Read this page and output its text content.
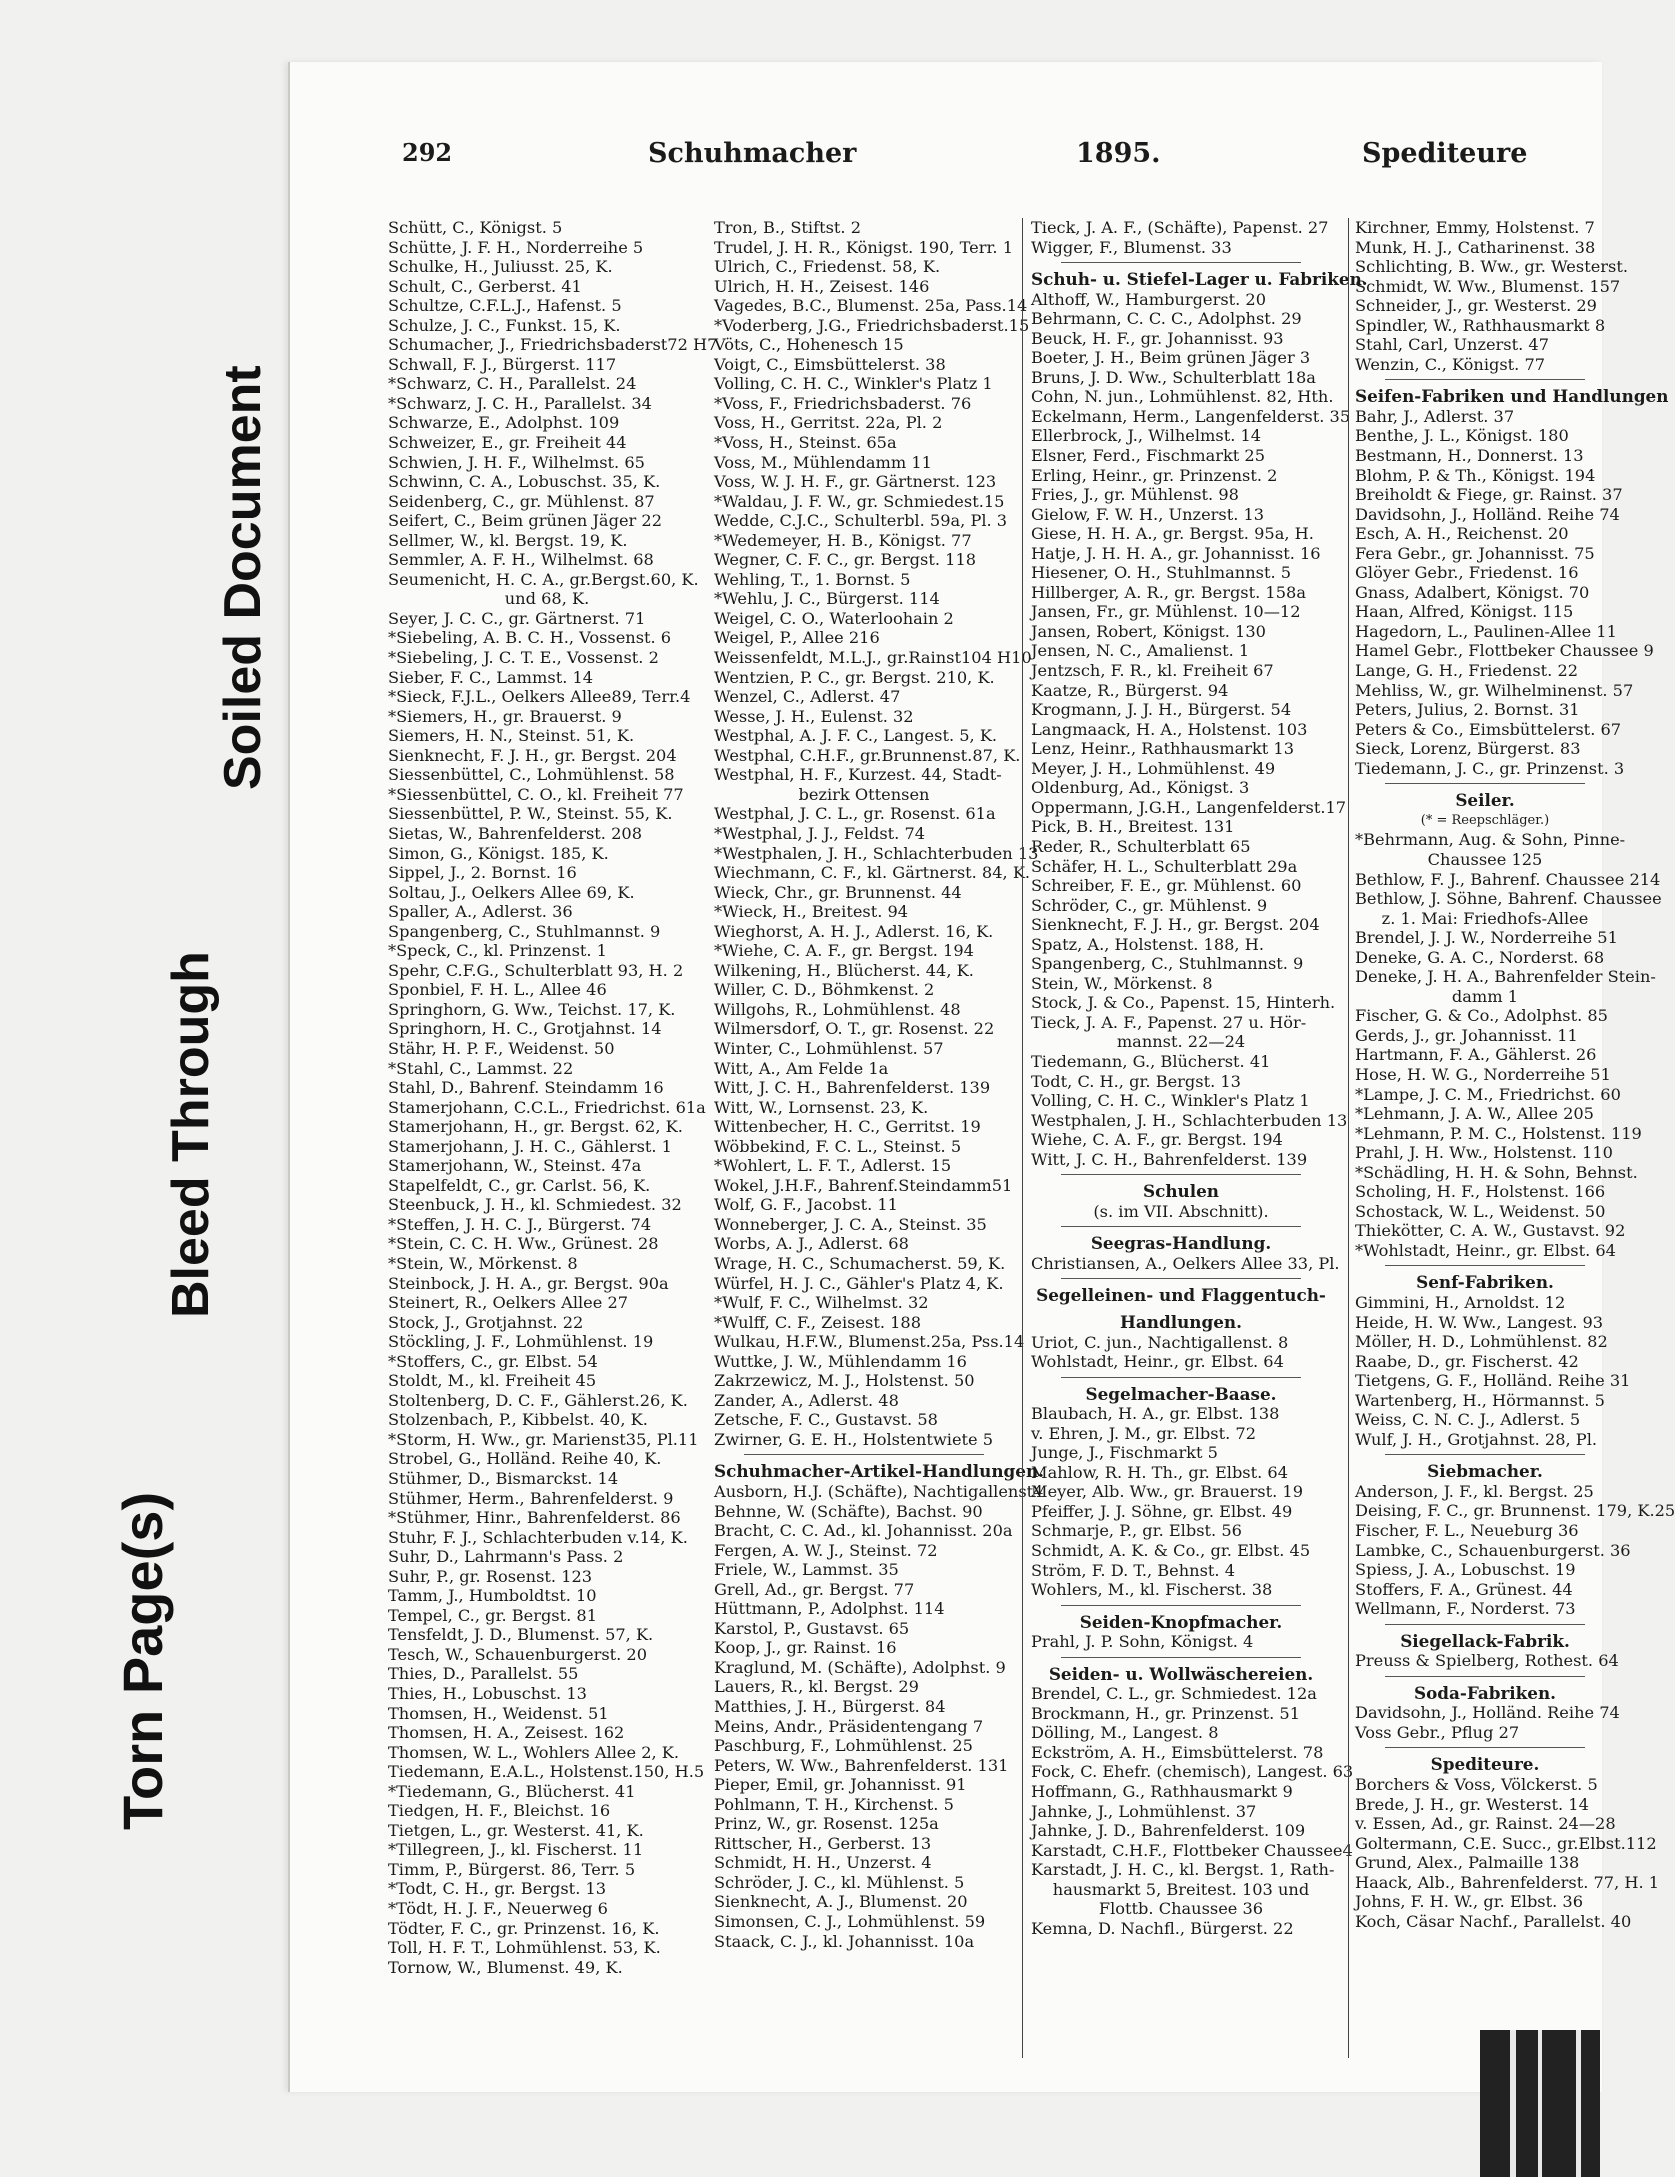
Torn Page(s)
Bleed Through
Soiled Document
292	Schuhmacher	1895.	Spediteure
Schütt, C., Königst. 5
Schütte, J. F. H., Norderreihe 5
Schulke, H., Juliusst. 25, K.
Schult, C., Gerberst. 41
Schultze, C.F.L.J., Hafenst. 5
Schulze, J. C., Funkst. 15, K.
Schumacher, J., Friedrichsbaderst72 H7
Schwall, F. J., Bürgerst. 117
*Schwarz, C. H., Parallelst. 24
*Schwarz, J. C. H., Parallelst. 34
Schwarze, E., Adolphst. 109
Schweizer, E., gr. Freiheit 44
Schwien, J. H. F., Wilhelmst. 65
Schwinn, C. A., Lobuschst. 35, K.
Seidenberg, C., gr. Mühlenst. 87
Seifert, C., Beim grünen Jäger 22
Sellmer, W., kl. Bergst. 19, K.
Semmler, A. F. H., Wilhelmst. 68
Seumenicht, H. C. A., gr.Bergst.60, K.
und 68, K.
Seyer, J. C. C., gr. Gärtnerst. 71
*Siebeling, A. B. C. H., Vossenst. 6
*Siebeling, J. C. T. E., Vossenst. 2
Sieber, F. C., Lammst. 14
*Sieck, F.J.L., Oelkers Allee89, Terr.4
*Siemers, H., gr. Brauerst. 9
Siemers, H. N., Steinst. 51, K.
Sienknecht, F. J. H., gr. Bergst. 204
Siessenbüttel, C., Lohmühlenst. 58
*Siessenbüttel, C. O., kl. Freiheit 77
Siessenbüttel, P. W., Steinst. 55, K.
Sietas, W., Bahrenfelderst. 208
Simon, G., Königst. 185, K.
Sippel, J., 2. Bornst. 16
Soltau, J., Oelkers Allee 69, K.
Spaller, A., Adlerst. 36
Spangenberg, C., Stuhlmannst. 9
*Speck, C., kl. Prinzenst. 1
Spehr, C.F.G., Schulterblatt 93, H. 2
Sponbiel, F. H. L., Allee 46
Springhorn, G. Ww., Teichst. 17, K.
Springhorn, H. C., Grotjahnst. 14
Stähr, H. P. F., Weidenst. 50
*Stahl, C., Lammst. 22
Stahl, D., Bahrenf. Steindamm 16
Stamerjohann, C.C.L., Friedrichst. 61a
Stamerjohann, H., gr. Bergst. 62, K.
Stamerjohann, J. H. C., Gählerst. 1
Stamerjohann, W., Steinst. 47a
Stapelfeldt, C., gr. Carlst. 56, K.
Steenbuck, J. H., kl. Schmiedest. 32
*Steffen, J. H. C. J., Bürgerst. 74
*Stein, C. C. H. Ww., Grünest. 28
*Stein, W., Mörkenst. 8
Steinbock, J. H. A., gr. Bergst. 90a
Steinert, R., Oelkers Allee 27
Stock, J., Grotjahnst. 22
Stöckling, J. F., Lohmühlenst. 19
*Stoffers, C., gr. Elbst. 54
Stoldt, M., kl. Freiheit 45
Stoltenberg, D. C. F., Gählerst.26, K.
Stolzenbach, P., Kibbelst. 40, K.
*Storm, H. Ww., gr. Marienst35, Pl.11
Strobel, G., Holländ. Reihe 40, K.
Stühmer, D., Bismarckst. 14
Stühmer, Herm., Bahrenfelderst. 9
*Stühmer, Hinr., Bahrenfelderst. 86
Stuhr, F. J., Schlachterbuden v.14, K.
Suhr, D., Lahrmann's Pass. 2
Suhr, P., gr. Rosenst. 123
Tamm, J., Humboldtst. 10
Tempel, C., gr. Bergst. 81
Tensfeldt, J. D., Blumenst. 57, K.
Tesch, W., Schauenburgerst. 20
Thies, D., Parallelst. 55
Thies, H., Lobuschst. 13
Thomsen, H., Weidenst. 51
Thomsen, H. A., Zeisest. 162
Thomsen, W. L., Wohlers Allee 2, K.
Tiedemann, E.A.L., Holstenst.150, H.5
*Tiedemann, G., Blücherst. 41
Tiedgen, H. F., Bleichst. 16
Tietgen, L., gr. Westerst. 41, K.
*Tillegreen, J., kl. Fischerst. 11
Timm, P., Bürgerst. 86, Terr. 5
*Todt, C. H., gr. Bergst. 13
*Tödt, H. J. F., Neuerweg 6
Tödter, F. C., gr. Prinzenst. 16, K.
Toll, H. F. T., Lohmühlenst. 53, K.
Tornow, W., Blumenst. 49, K.
Tron, B., Stiftst. 2
Trudel, J. H. R., Königst. 190, Terr. 1
Ulrich, C., Friedenst. 58, K.
Ulrich, H. H., Zeisest. 146
Vagedes, B.C., Blumenst. 25a, Pass.14
*Voderberg, J.G., Friedrichsbaderst.15
Vöts, C., Hohenesch 15
Voigt, C., Eimsbüttelerst. 38
Volling, C. H. C., Winkler's Platz 1
*Voss, F., Friedrichsbaderst. 76
Voss, H., Gerritst. 22a, Pl. 2
*Voss, H., Steinst. 65a
Voss, M., Mühlendamm 11
Voss, W. J. H. F., gr. Gärtnerst. 123
*Waldau, J. F. W., gr. Schmiedest.15
Wedde, C.J.C., Schulterbl. 59a, Pl. 3
*Wedemeyer, H. B., Königst. 77
Wegner, C. F. C., gr. Bergst. 118
Wehling, T., 1. Bornst. 5
*Wehlu, J. C., Bürgerst. 114
Weigel, C. O., Waterloohain 2
Weigel, P., Allee 216
Weissenfeldt, M.L.J., gr.Rainst104 H10
Wentzien, P. C., gr. Bergst. 210, K.
Wenzel, C., Adlerst. 47
Wesse, J. H., Eulenst. 32
Westphal, A. J. F. C., Langest. 5, K.
Westphal, C.H.F., gr.Brunnenst.87, K.
Westphal, H. F., Kurzest. 44, Stadt-
bezirk Ottensen
Westphal, J. C. L., gr. Rosenst. 61a
*Westphal, J. J., Feldst. 74
*Westphalen, J. H., Schlachterbuden 13
Wiechmann, C. F., kl. Gärtnerst. 84, K.
Wieck, Chr., gr. Brunnenst. 44
*Wieck, H., Breitest. 94
Wieghorst, A. H. J., Adlerst. 16, K.
*Wiehe, C. A. F., gr. Bergst. 194
Wilkening, H., Blücherst. 44, K.
Willer, C. D., Böhmkenst. 2
Willgohs, R., Lohmühlenst. 48
Wilmersdorf, O. T., gr. Rosenst. 22
Winter, C., Lohmühlenst. 57
Witt, A., Am Felde 1a
Witt, J. C. H., Bahrenfelderst. 139
Witt, W., Lornsenst. 23, K.
Wittenbecher, H. C., Gerritst. 19
Wöbbekind, F. C. L., Steinst. 5
*Wohlert, L. F. T., Adlerst. 15
Wokel, J.H.F., Bahrenf.Steindamm51
Wolf, G. F., Jacobst. 11
Wonneberger, J. C. A., Steinst. 35
Worbs, A. J., Adlerst. 68
Wrage, H. C., Schumacherst. 59, K.
Würfel, H. J. C., Gähler's Platz 4, K.
*Wulf, F. C., Wilhelmst. 32
*Wulff, C. F., Zeisest. 188
Wulkau, H.F.W., Blumenst.25a, Pss.14
Wuttke, J. W., Mühlendamm 16
Zakrzewicz, M. J., Holstenst. 50
Zander, A., Adlerst. 48
Zetsche, F. C., Gustavst. 58
Zwirner, G. E. H., Holstentwiete 5
Schuhmacher-Artikel-Handlungen.
Ausborn, H.J. (Schäfte), Nachtigallenst4
Behnne, W. (Schäfte), Bachst. 90
Bracht, C. C. Ad., kl. Johannisst. 20a
Fergen, A. W. J., Steinst. 72
Friele, W., Lammst. 35
Grell, Ad., gr. Bergst. 77
Hüttmann, P., Adolphst. 114
Karstol, P., Gustavst. 65
Koop, J., gr. Rainst. 16
Kraglund, M. (Schäfte), Adolphst. 9
Lauers, R., kl. Bergst. 29
Matthies, J. H., Bürgerst. 84
Meins, Andr., Präsidentengang 7
Paschburg, F., Lohmühlenst. 25
Peters, W. Ww., Bahrenfelderst. 131
Pieper, Emil, gr. Johannisst. 91
Pohlmann, T. H., Kirchenst. 5
Prinz, W., gr. Rosenst. 125a
Rittscher, H., Gerberst. 13
Schmidt, H. H., Unzerst. 4
Schröder, J. C., kl. Mühlenst. 5
Sienknecht, A. J., Blumenst. 20
Simonsen, C. J., Lohmühlenst. 59
Staack, C. J., kl. Johannisst. 10a
Tieck, J. A. F., (Schäfte), Papenst. 27
Wigger, F., Blumenst. 33
Schuh- u. Stiefel-Lager u. Fabriken.
Althoff, W., Hamburgerst. 20
Behrmann, C. C. C., Adolphst. 29
Beuck, H. F., gr. Johannisst. 93
Boeter, J. H., Beim grünen Jäger 3
Bruns, J. D. Ww., Schulterblatt 18a
Cohn, N. jun., Lohmühlenst. 82, Hth.
Eckelmann, Herm., Langenfelderst. 35
Ellerbrock, J., Wilhelmst. 14
Elsner, Ferd., Fischmarkt 25
Erling, Heinr., gr. Prinzenst. 2
Fries, J., gr. Mühlenst. 98
Gielow, F. W. H., Unzerst. 13
Giese, H. H. A., gr. Bergst. 95a, H.
Hatje, J. H. H. A., gr. Johannisst. 16
Hiesener, O. H., Stuhlmannst. 5
Hillberger, A. R., gr. Bergst. 158a
Jansen, Fr., gr. Mühlenst. 10—12
Jansen, Robert, Königst. 130
Jensen, N. C., Amalienst. 1
Jentzsch, F. R., kl. Freiheit 67
Kaatze, R., Bürgerst. 94
Krogmann, J. J. H., Bürgerst. 54
Langmaack, H. A., Holstenst. 103
Lenz, Heinr., Rathhausmarkt 13
Meyer, J. H., Lohmühlenst. 49
Oldenburg, Ad., Königst. 3
Oppermann, J.G.H., Langenfelderst.17
Pick, B. H., Breitest. 131
Reder, R., Schulterblatt 65
Schäfer, H. L., Schulterblatt 29a
Schreiber, F. E., gr. Mühlenst. 60
Schröder, C., gr. Mühlenst. 9
Sienknecht, F. J. H., gr. Bergst. 204
Spatz, A., Holstenst. 188, H.
Spangenberg, C., Stuhlmannst. 9
Stein, W., Mörkenst. 8
Stock, J. & Co., Papenst. 15, Hinterh.
Tieck, J. A. F., Papenst. 27 u. Hör-
mannst. 22—24
Tiedemann, G., Blücherst. 41
Todt, C. H., gr. Bergst. 13
Volling, C. H. C., Winkler's Platz 1
Westphalen, J. H., Schlachterbuden 13
Wiehe, C. A. F., gr. Bergst. 194
Witt, J. C. H., Bahrenfelderst. 139
Schulen
(s. im VII. Abschnitt).
Seegras-Handlung.
Christiansen, A., Oelkers Allee 33, Pl.
Segelleinen- und Flaggentuch-
Handlungen.
Uriot, C. jun., Nachtigallenst. 8
Wohlstadt, Heinr., gr. Elbst. 64
Segelmacher-Baase.
Blaubach, H. A., gr. Elbst. 138
v. Ehren, J. M., gr. Elbst. 72
Junge, J., Fischmarkt 5
Mahlow, R. H. Th., gr. Elbst. 64
Meyer, Alb. Ww., gr. Brauerst. 19
Pfeiffer, J. J. Söhne, gr. Elbst. 49
Schmarje, P., gr. Elbst. 56
Schmidt, A. K. & Co., gr. Elbst. 45
Ström, F. D. T., Behnst. 4
Wohlers, M., kl. Fischerst. 38
Seiden-Knopfmacher.
Prahl, J. P. Sohn, Königst. 4
Seiden- u. Wollwäschereien.
Brendel, C. L., gr. Schmiedest. 12a
Brockmann, H., gr. Prinzenst. 51
Dölling, M., Langest. 8
Eckström, A. H., Eimsbüttelerst. 78
Fock, C. Ehefr. (chemisch), Langest. 63
Hoffmann, G., Rathhausmarkt 9
Jahnke, J., Lohmühlenst. 37
Jahnke, J. D., Bahrenfelderst. 109
Karstadt, C.H.F., Flottbeker Chaussee4
Karstadt, J. H. C., kl. Bergst. 1, Rath-
hausmarkt 5, Breitest. 103 und
Flottb. Chaussee 36
Kemna, D. Nachfl., Bürgerst. 22
Kirchner, Emmy, Holstenst. 7
Munk, H. J., Catharinenst. 38
Schlichting, B. Ww., gr. Westerst.
Schmidt, W. Ww., Blumenst. 157
Schneider, J., gr. Westerst. 29
Spindler, W., Rathhausmarkt 8
Stahl, Carl, Unzerst. 47
Wenzin, C., Königst. 77
Seifen-Fabriken und Handlungen
Bahr, J., Adlerst. 37
Benthe, J. L., Königst. 180
Bestmann, H., Donnerst. 13
Blohm, P. & Th., Königst. 194
Breiholdt & Fiege, gr. Rainst. 37
Davidsohn, J., Holländ. Reihe 74
Esch, A. H., Reichenst. 20
Fera Gebr., gr. Johannisst. 75
Glöyer Gebr., Friedenst. 16
Gnass, Adalbert, Königst. 70
Haan, Alfred, Königst. 115
Hagedorn, L., Paulinen-Allee 11
Hamel Gebr., Flottbeker Chaussee 9
Lange, G. H., Friedenst. 22
Mehliss, W., gr. Wilhelminenst. 57
Peters, Julius, 2. Bornst. 31
Peters & Co., Eimsbüttelerst. 67
Sieck, Lorenz, Bürgerst. 83
Tiedemann, J. C., gr. Prinzenst. 3
Seiler.
(* = Reepschläger.)
*Behrmann, Aug. & Sohn, Pinne-
Chaussee 125
Bethlow, F. J., Bahrenf. Chaussee 214
Bethlow, J. Söhne, Bahrenf. Chaussee
z. 1. Mai: Friedhofs-Allee
Brendel, J. J. W., Norderreihe 51
Deneke, G. A. C., Norderst. 68
Deneke, J. H. A., Bahrenfelder Stein-
damm 1
Fischer, G. & Co., Adolphst. 85
Gerds, J., gr. Johannisst. 11
Hartmann, F. A., Gählerst. 26
Hose, H. W. G., Norderreihe 51
*Lampe, J. C. M., Friedrichst. 60
*Lehmann, J. A. W., Allee 205
*Lehmann, P. M. C., Holstenst. 119
Prahl, J. H. Ww., Holstenst. 110
*Schädling, H. H. & Sohn, Behnst.
Scholing, H. F., Holstenst. 166
Schostack, W. L., Weidenst. 50
Thiekötter, C. A. W., Gustavst. 92
*Wohlstadt, Heinr., gr. Elbst. 64
Senf-Fabriken.
Gimmini, H., Arnoldst. 12
Heide, H. W. Ww., Langest. 93
Möller, H. D., Lohmühlenst. 82
Raabe, D., gr. Fischerst. 42
Tietgens, G. F., Holländ. Reihe 31
Wartenberg, H., Hörmannst. 5
Weiss, C. N. C. J., Adlerst. 5
Wulf, J. H., Grotjahnst. 28, Pl.
Siebmacher.
Anderson, J. F., kl. Bergst. 25
Deising, F. C., gr. Brunnenst. 179, K.25
Fischer, F. L., Neueburg 36
Lambke, C., Schauenburgerst. 36
Spiess, J. A., Lobuschst. 19
Stoffers, F. A., Grünest. 44
Wellmann, F., Norderst. 73
Siegellack-Fabrik.
Preuss & Spielberg, Rothest. 64
Soda-Fabriken.
Davidsohn, J., Holländ. Reihe 74
Voss Gebr., Pflug 27
Spediteure.
Borchers & Voss, Völckerst. 5
Brede, J. H., gr. Westerst. 14
v. Essen, Ad., gr. Rainst. 24—28
Goltermann, C.E. Succ., gr.Elbst.112
Grund, Alex., Palmaille 138
Haack, Alb., Bahrenfelderst. 77, H. 1
Johns, F. H. W., gr. Elbst. 36
Koch, Cäsar Nachf., Parallelst. 40
